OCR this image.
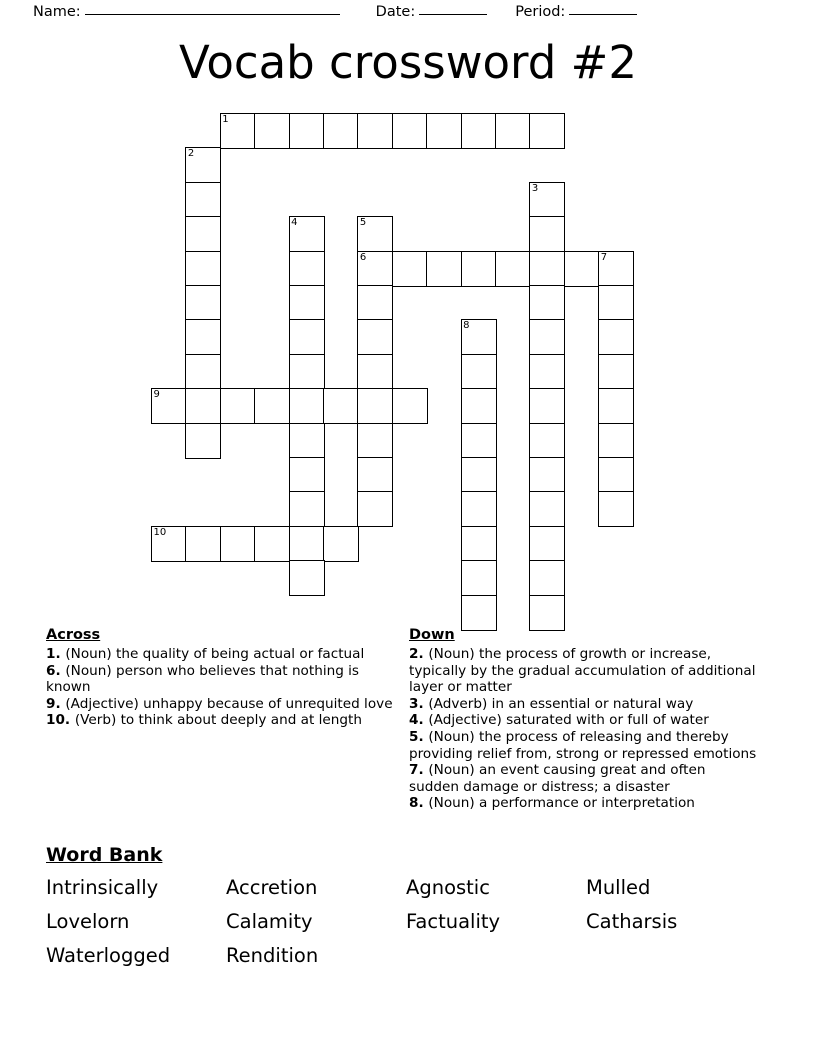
Name:	Date:	Period:
Vocab crossword #2
1
2
3
4	5
6	7
8
9
10
Across

1. (Noun) the quality of being actual or factual

6. (Noun) person who believes that nothing is known

9. (Adjective) unhappy because of unrequited love

10. (Verb) to think about deeply and at length

Down

2. (Noun) the process of growth or increase, typically by the gradual accumulation of additional layer or matter

3. (Adverb) in an essential or natural way

4. (Adjective) saturated with or full of water

5. (Noun) the process of releasing and thereby providing relief from, strong or repressed emotions

7. (Noun) an event causing great and often sudden damage or distress; a disaster

8. (Noun) a performance or interpretation

Word Bank
Intrinsically	Accretion	Agnostic	Mulled
Lovelorn	Calamity	Factuality	Catharsis
Waterlogged	Rendition
